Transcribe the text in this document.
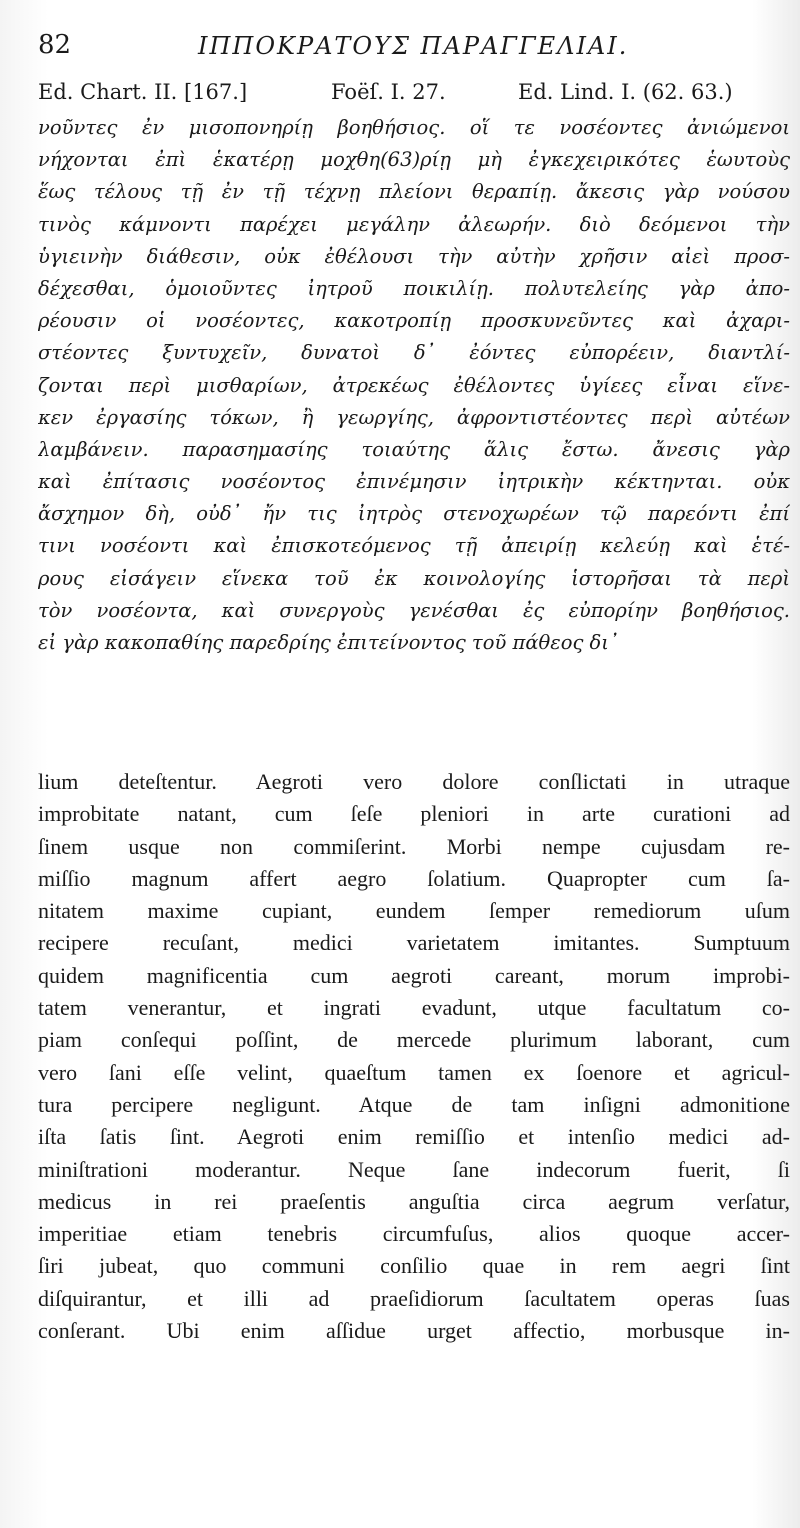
82	ΙΠΠΟΚΡΑΤΟΥΣ ΠΑΡΑΓΓΕΛΙΑΙ.
Ed. Chart. II. [167.]	Foëſ. I. 27.	Ed. Lind. I. (62. 63.)
νοῦντες ἐν μισοπονηρίῃ βοηθήσιος. οἵ τε νοσέοντες ἀνιώμενοι
νήχονται ἐπὶ ἑκατέρῃ μοχθη(63)ρίῃ μὴ ἐγκεχειρικότες ἑωυτοὺς
ἕως τέλους τῇ ἐν τῇ τέχνῃ πλείονι θεραπίῃ. ἄκεσις γὰρ νούσου
τινὸς κάμνοντι παρέχει μεγάλην ἀλεωρήν. διὸ δεόμενοι τὴν
ὑγιεινὴν διάθεσιν, οὐκ ἐθέλουσι τὴν αὐτὴν χρῆσιν αἰεὶ προσ-
δέχεσθαι, ὁμοιοῦντες ἰητροῦ ποικιλίῃ. πολυτελείης γὰρ ἀπο-
ρέουσιν οἱ νοσέοντες, κακοτροπίῃ προσκυνεῦντες καὶ ἀχαρι-
στέοντες ξυντυχεῖν, δυνατοὶ δ᾽ ἐόντες εὐπορέειν, διαντλί-
ζονται περὶ μισθαρίων, ἀτρεκέως ἐθέλοντες ὑγίεες εἶναι εἵνε-
κεν ἐργασίης τόκων, ἢ γεωργίης, ἀφροντιστέοντες περὶ αὐτέων
λαμβάνειν. παρασημασίης τοιαύτης ἅλις ἔστω. ἄνεσις γὰρ
καὶ ἐπίτασις νοσέοντος ἐπινέμησιν ἰητρικὴν κέκτηνται. οὐκ
ἄσχημον δὴ, οὐδ᾽ ἤν τις ἰητρὸς στενοχωρέων τῷ παρεόντι ἐπί
τινι νοσέοντι καὶ ἐπισκοτεόμενος τῇ ἀπειρίῃ κελεύῃ καὶ ἑτέ-
ρους εἰσάγειν εἵνεκα τοῦ ἐκ κοινολογίης ἱστορῆσαι τὰ περὶ
τὸν νοσέοντα, καὶ συνεργοὺς γενέσθαι ἐς εὐπορίην βοηθήσιος.
εἰ γὰρ κακοπαθίης παρεδρίης ἐπιτείνοντος τοῦ πάθεος δι᾽
lium deteſtentur. Aegroti vero dolore conſlictati in utraque
improbitate natant, cum ſeſe pleniori in arte curationi ad
ſinem usque non commiſerint. Morbi nempe cujusdam re-
miſſio magnum affert aegro ſolatium. Quapropter cum ſa-
nitatem maxime cupiant, eundem ſemper remediorum uſum
recipere recuſant, medici varietatem imitantes. Sumptuum
quidem magnificentia cum aegroti careant, morum improbi-
tatem venerantur, et ingrati evadunt, utque facultatum co-
piam conſequi poſſint, de mercede plurimum laborant, cum
vero ſani eſſe velint, quaeſtum tamen ex ſoenore et agricul-
tura percipere negligunt. Atque de tam inſigni admonitione
iſta ſatis ſint. Aegroti enim remiſſio et intenſio medici ad-
miniſtrationi moderantur. Neque ſane indecorum fuerit, ſi
medicus in rei praeſentis anguſtia circa aegrum verſatur,
imperitiae etiam tenebris circumfuſus, alios quoque accer-
ſiri jubeat, quo communi conſilio quae in rem aegri ſint
diſquirantur, et illi ad praeſidiorum ſacultatem operas ſuas
conſerant. Ubi enim aſſidue urget affectio, morbusque in-
